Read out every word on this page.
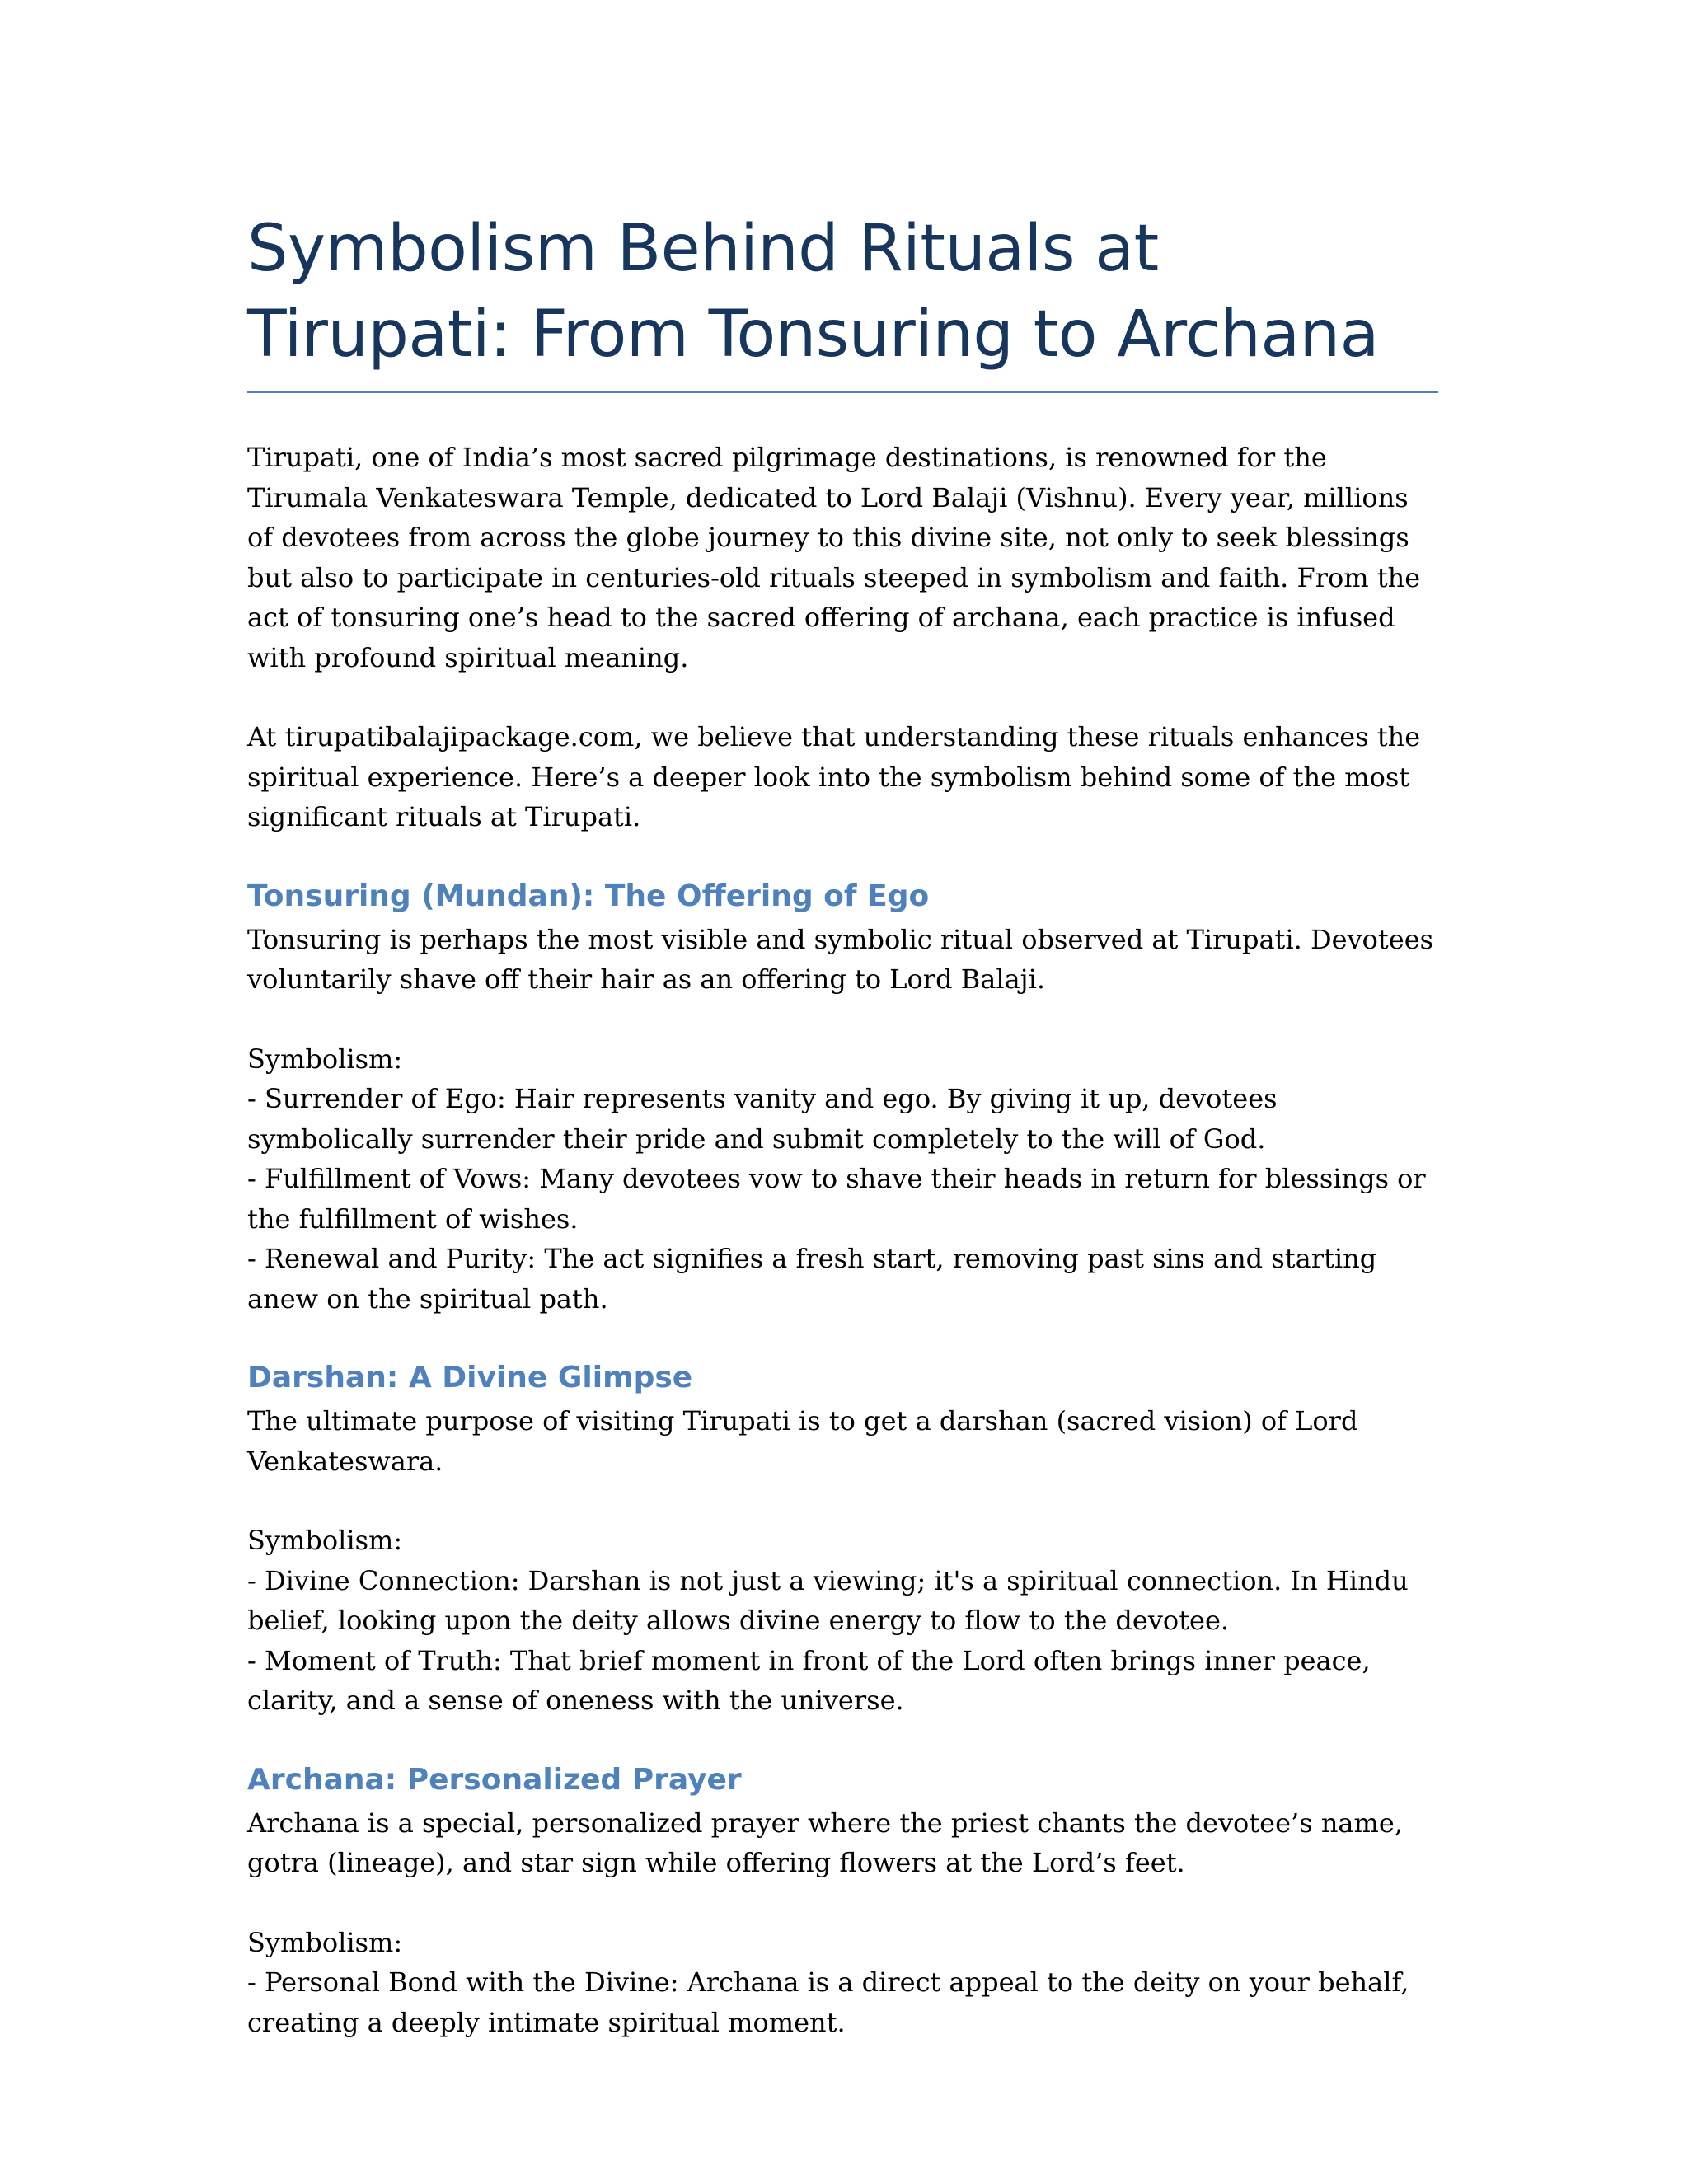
Symbolism Behind Rituals at Tirupati: From Tonsuring to Archana

Tirupati, one of India’s most sacred pilgrimage destinations, is renowned for the Tirumala Venkateswara Temple, dedicated to Lord Balaji (Vishnu). Every year, millions of devotees from across the globe journey to this divine site, not only to seek blessings but also to participate in centuries-old rituals steeped in symbolism and faith. From the act of tonsuring one’s head to the sacred offering of archana, each practice is infused with profound spiritual meaning.

At tirupatibalajipackage.com, we believe that understanding these rituals enhances the spiritual experience. Here’s a deeper look into the symbolism behind some of the most significant rituals at Tirupati.

Tonsuring (Mundan): The Offering of Ego

Tonsuring is perhaps the most visible and symbolic ritual observed at Tirupati. Devotees voluntarily shave off their hair as an offering to Lord Balaji.

Symbolism:
- Surrender of Ego: Hair represents vanity and ego. By giving it up, devotees symbolically surrender their pride and submit completely to the will of God.
- Fulfillment of Vows: Many devotees vow to shave their heads in return for blessings or the fulfillment of wishes.
- Renewal and Purity: The act signifies a fresh start, removing past sins and starting anew on the spiritual path.

Darshan: A Divine Glimpse

The ultimate purpose of visiting Tirupati is to get a darshan (sacred vision) of Lord Venkateswara.

Symbolism:
- Divine Connection: Darshan is not just a viewing; it's a spiritual connection. In Hindu belief, looking upon the deity allows divine energy to flow to the devotee.
- Moment of Truth: That brief moment in front of the Lord often brings inner peace, clarity, and a sense of oneness with the universe.

Archana: Personalized Prayer

Archana is a special, personalized prayer where the priest chants the devotee’s name, gotra (lineage), and star sign while offering flowers at the Lord’s feet.

Symbolism:
- Personal Bond with the Divine: Archana is a direct appeal to the deity on your behalf, creating a deeply intimate spiritual moment.
